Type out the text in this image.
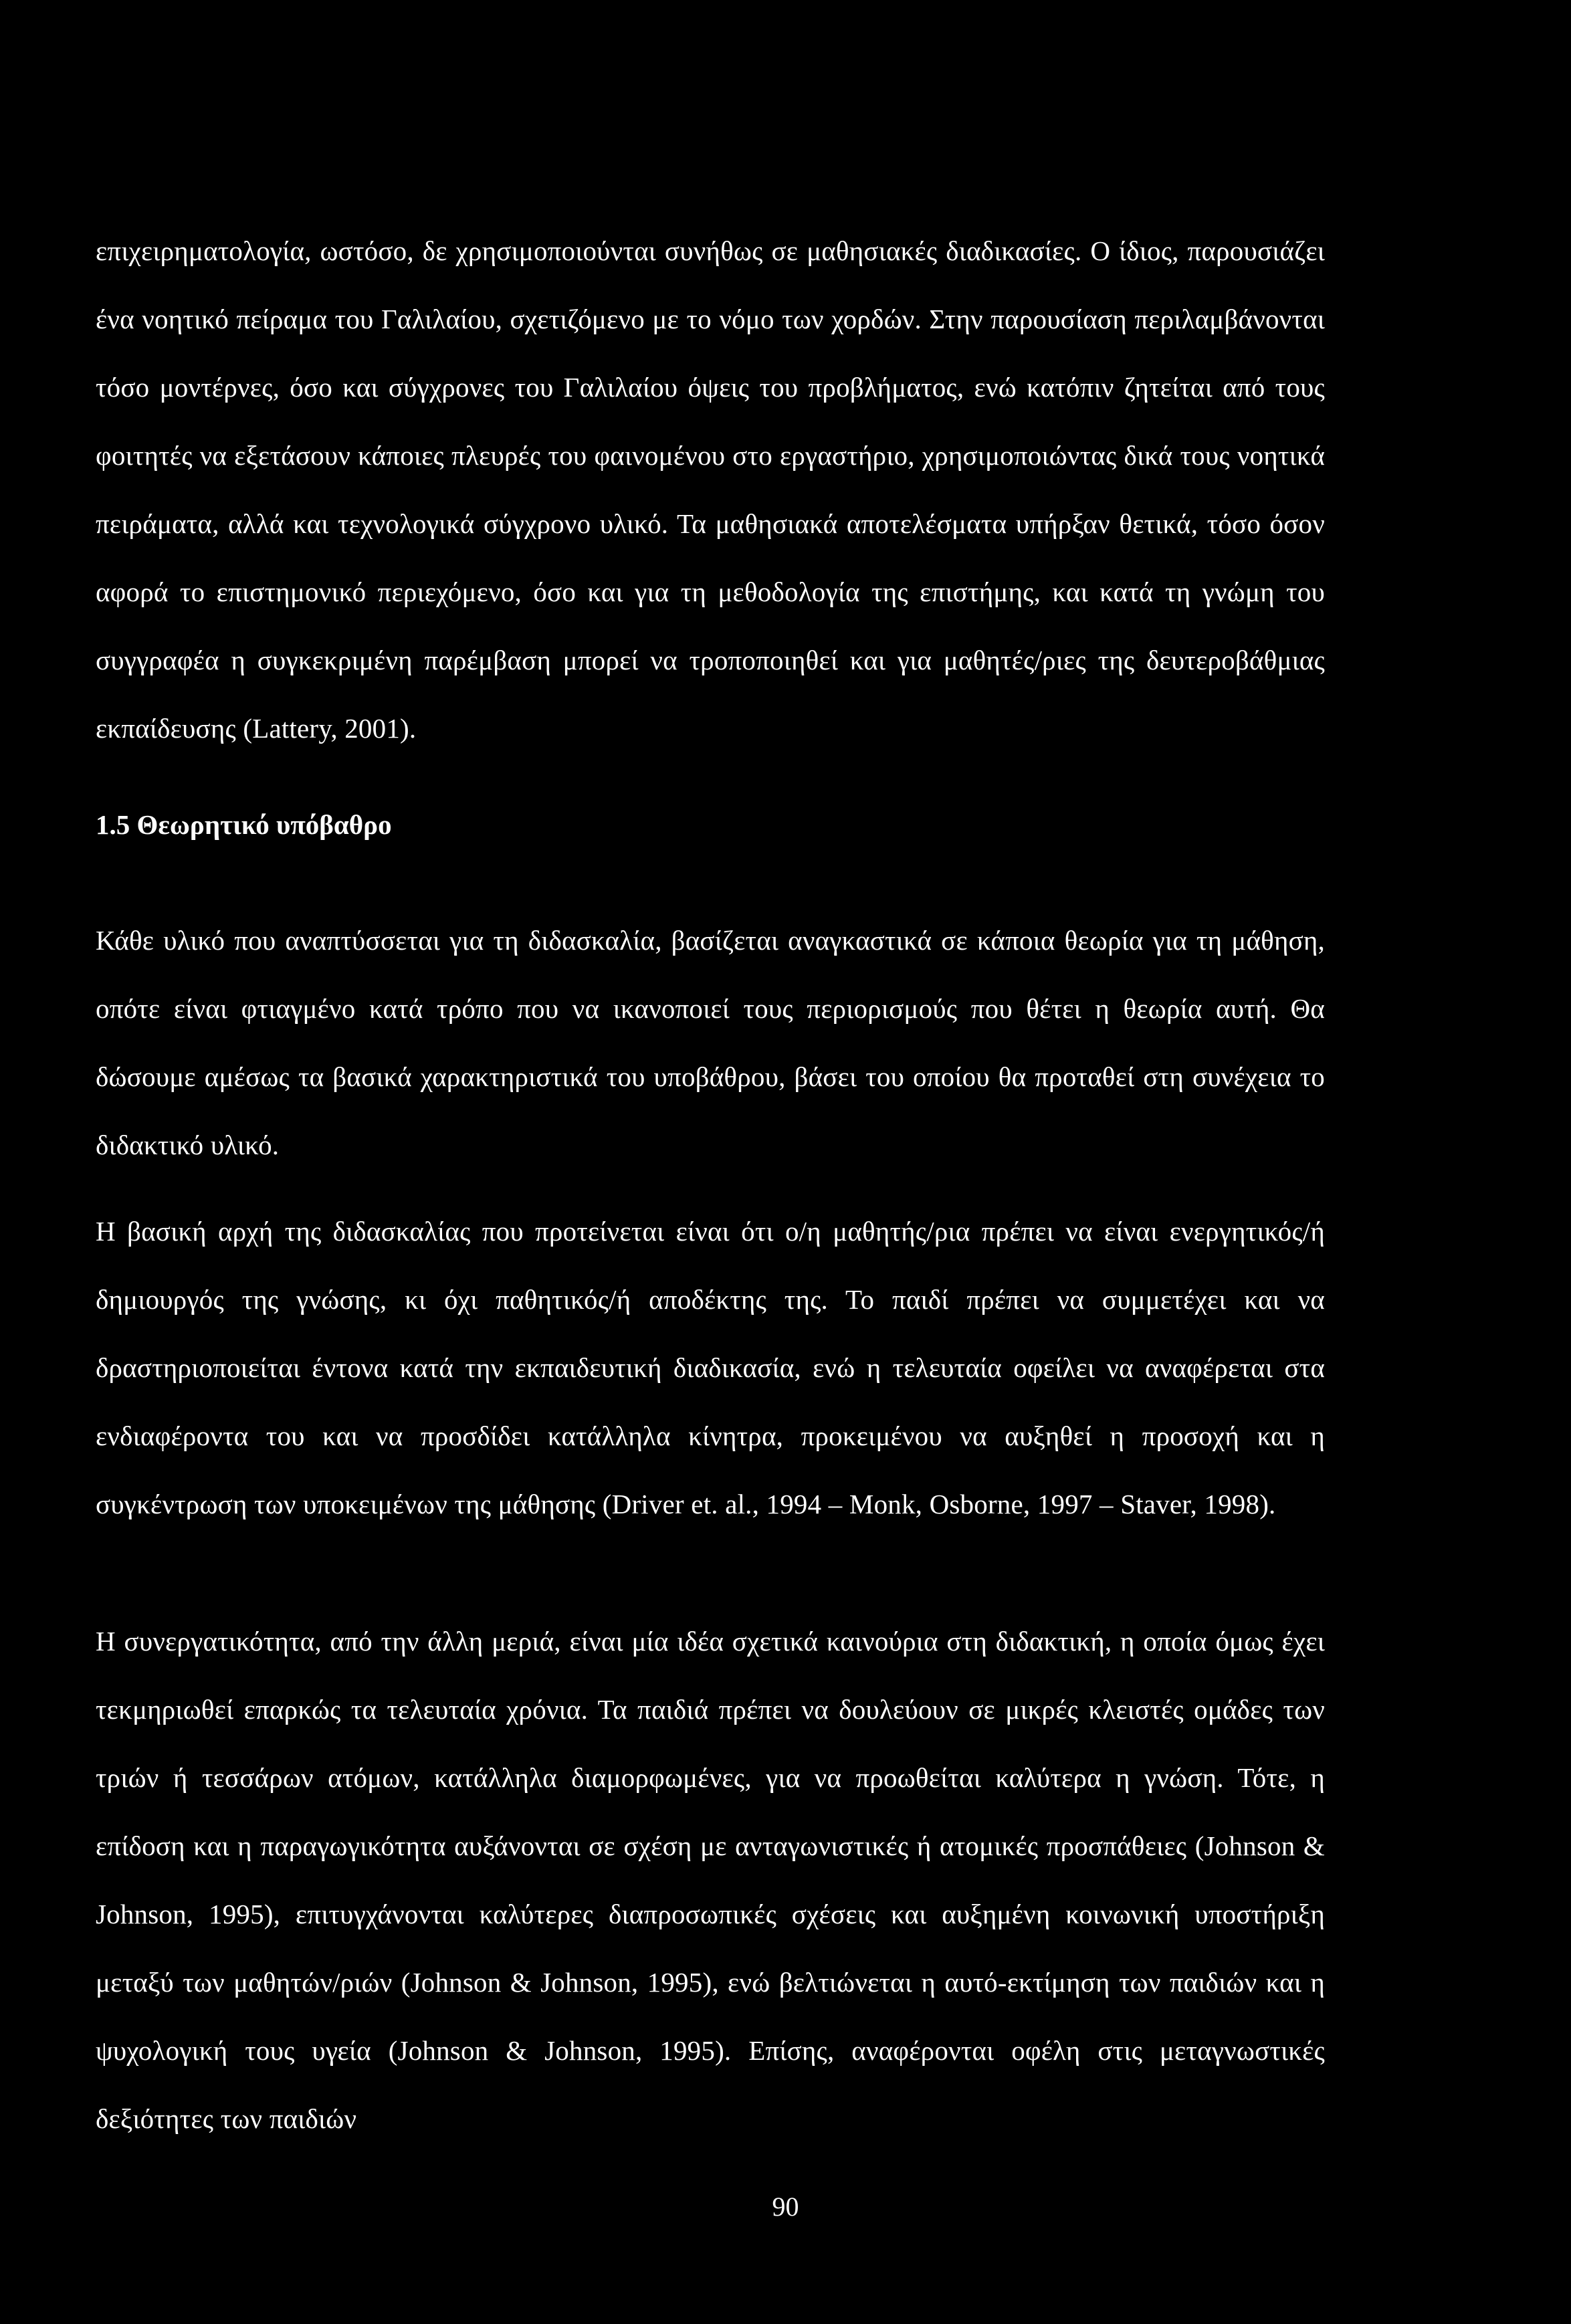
επιχειρηματολογία, ωστόσο, δε χρησιμοποιούνται συνήθως σε μαθησιακές διαδικασίες. Ο ίδιος, παρουσιάζει ένα νοητικό πείραμα του Γαλιλαίου, σχετιζόμενο με το νόμο των χορδών. Στην παρουσίαση περιλαμβάνονται τόσο μοντέρνες, όσο και σύγχρονες του Γαλιλαίου όψεις του προβλήματος, ενώ κατόπιν ζητείται από τους φοιτητές να εξετάσουν κάποιες πλευρές του φαινομένου στο εργαστήριο, χρησιμοποιώντας δικά τους νοητικά πειράματα, αλλά και τεχνολογικά σύγχρονο υλικό. Τα μαθησιακά αποτελέσματα υπήρξαν θετικά, τόσο όσον αφορά το επιστημονικό περιεχόμενο, όσο και για τη μεθοδολογία της επιστήμης, και κατά τη γνώμη του συγγραφέα η συγκεκριμένη παρέμβαση μπορεί να τροποποιηθεί και για μαθητές/ριες της δευτεροβάθμιας εκπαίδευσης (Lattery, 2001).

1.5 Θεωρητικό υπόβαθρο

Κάθε υλικό που αναπτύσσεται για τη διδασκαλία, βασίζεται αναγκαστικά σε κάποια θεωρία για τη μάθηση, οπότε είναι φτιαγμένο κατά τρόπο που να ικανοποιεί τους περιορισμούς που θέτει η θεωρία αυτή. Θα δώσουμε αμέσως τα βασικά χαρακτηριστικά του υποβάθρου, βάσει του οποίου θα προταθεί στη συνέχεια το διδακτικό υλικό.

Η βασική αρχή της διδασκαλίας που προτείνεται είναι ότι ο/η μαθητής/ρια πρέπει να είναι ενεργητικός/ή δημιουργός της γνώσης, κι όχι παθητικός/ή αποδέκτης της. Το παιδί πρέπει να συμμετέχει και να δραστηριοποιείται έντονα κατά την εκπαιδευτική διαδικασία, ενώ η τελευταία οφείλει να αναφέρεται στα ενδιαφέροντα του και να προσδίδει κατάλληλα κίνητρα, προκειμένου να αυξηθεί η προσοχή και η συγκέντρωση των υποκειμένων της μάθησης (Driver et. al., 1994 – Monk, Osborne, 1997 – Staver, 1998).

Η συνεργατικότητα, από την άλλη μεριά, είναι μία ιδέα σχετικά καινούρια στη διδακτική, η οποία όμως έχει τεκμηριωθεί επαρκώς τα τελευταία χρόνια. Τα παιδιά πρέπει να δουλεύουν σε μικρές κλειστές ομάδες των τριών ή τεσσάρων ατόμων, κατάλληλα διαμορφωμένες, για να προωθείται καλύτερα η γνώση. Τότε, η επίδοση και η παραγωγικότητα αυξάνονται σε σχέση με ανταγωνιστικές ή ατομικές προσπάθειες (Johnson & Johnson, 1995), επιτυγχάνονται καλύτερες διαπροσωπικές σχέσεις και αυξημένη κοινωνική υποστήριξη μεταξύ των μαθητών/ριών (Johnson & Johnson, 1995), ενώ βελτιώνεται η αυτό-εκτίμηση των παιδιών και η ψυχολογική τους υγεία (Johnson & Johnson, 1995). Επίσης, αναφέρονται οφέλη στις μεταγνωστικές δεξιότητες των παιδιών

90
